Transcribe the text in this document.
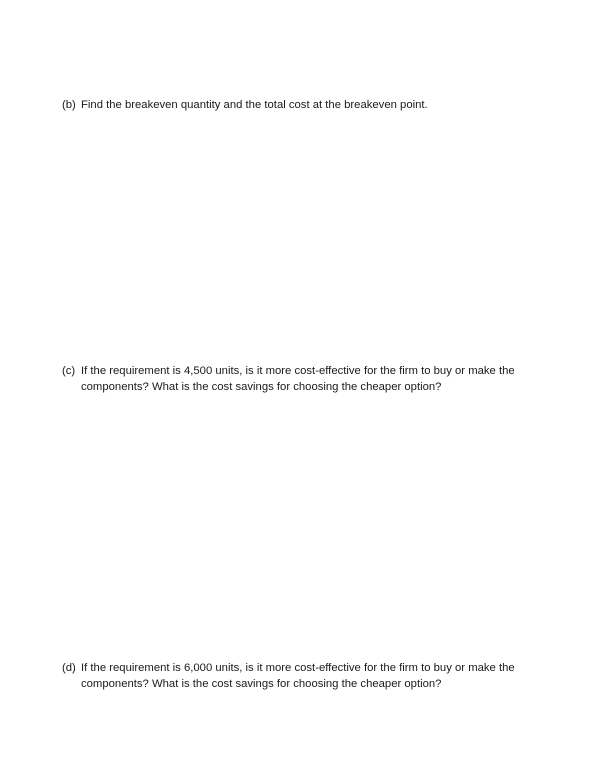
(b) Find the breakeven quantity and the total cost at the breakeven point.
(c) If the requirement is 4,500 units, is it more cost-effective for the firm to buy or make the components? What is the cost savings for choosing the cheaper option?
(d) If the requirement is 6,000 units, is it more cost-effective for the firm to buy or make the components? What is the cost savings for choosing the cheaper option?
